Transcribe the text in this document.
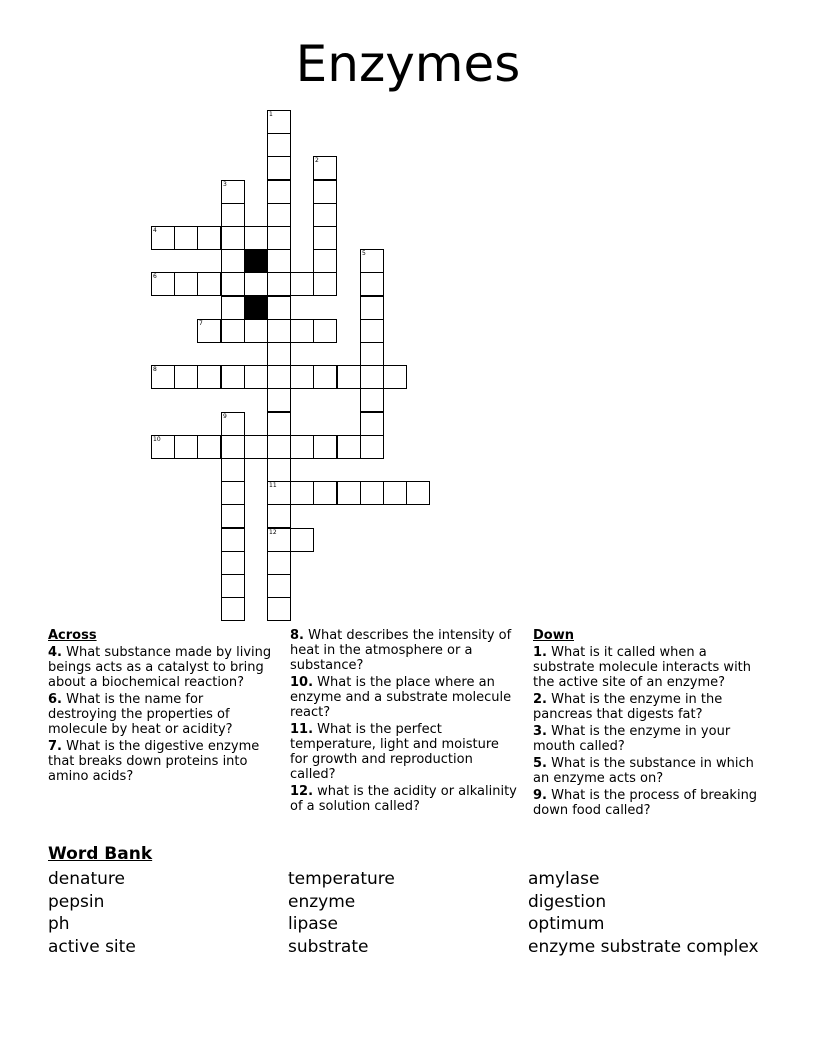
Enzymes
1
11
12
2
3
4
5
6
7
8
9
10
Across
4. What substance made by living beings acts as a catalyst to bring about a biochemical reaction?
6. What is the name for destroying the properties of molecule by heat or acidity?
7. What is the digestive enzyme that breaks down proteins into amino acids?
8. What describes the intensity of heat in the atmosphere or a substance?
10. What is the place where an enzyme and a substrate molecule react?
11. What is the perfect temperature, light and moisture for growth and reproduction called?
12. what is the acidity or alkalinity of a solution called?
Down
1. What is it called when a substrate molecule interacts with the active site of an enzyme?
2. What is the enzyme in the pancreas that digests fat?
3. What is the enzyme in your mouth called?
5. What is the substance in which an enzyme acts on?
9. What is the process of breaking down food called?
Word Bank
denature
pepsin
ph
active site
temperature
enzyme
lipase
substrate
amylase
digestion
optimum
enzyme substrate complex
